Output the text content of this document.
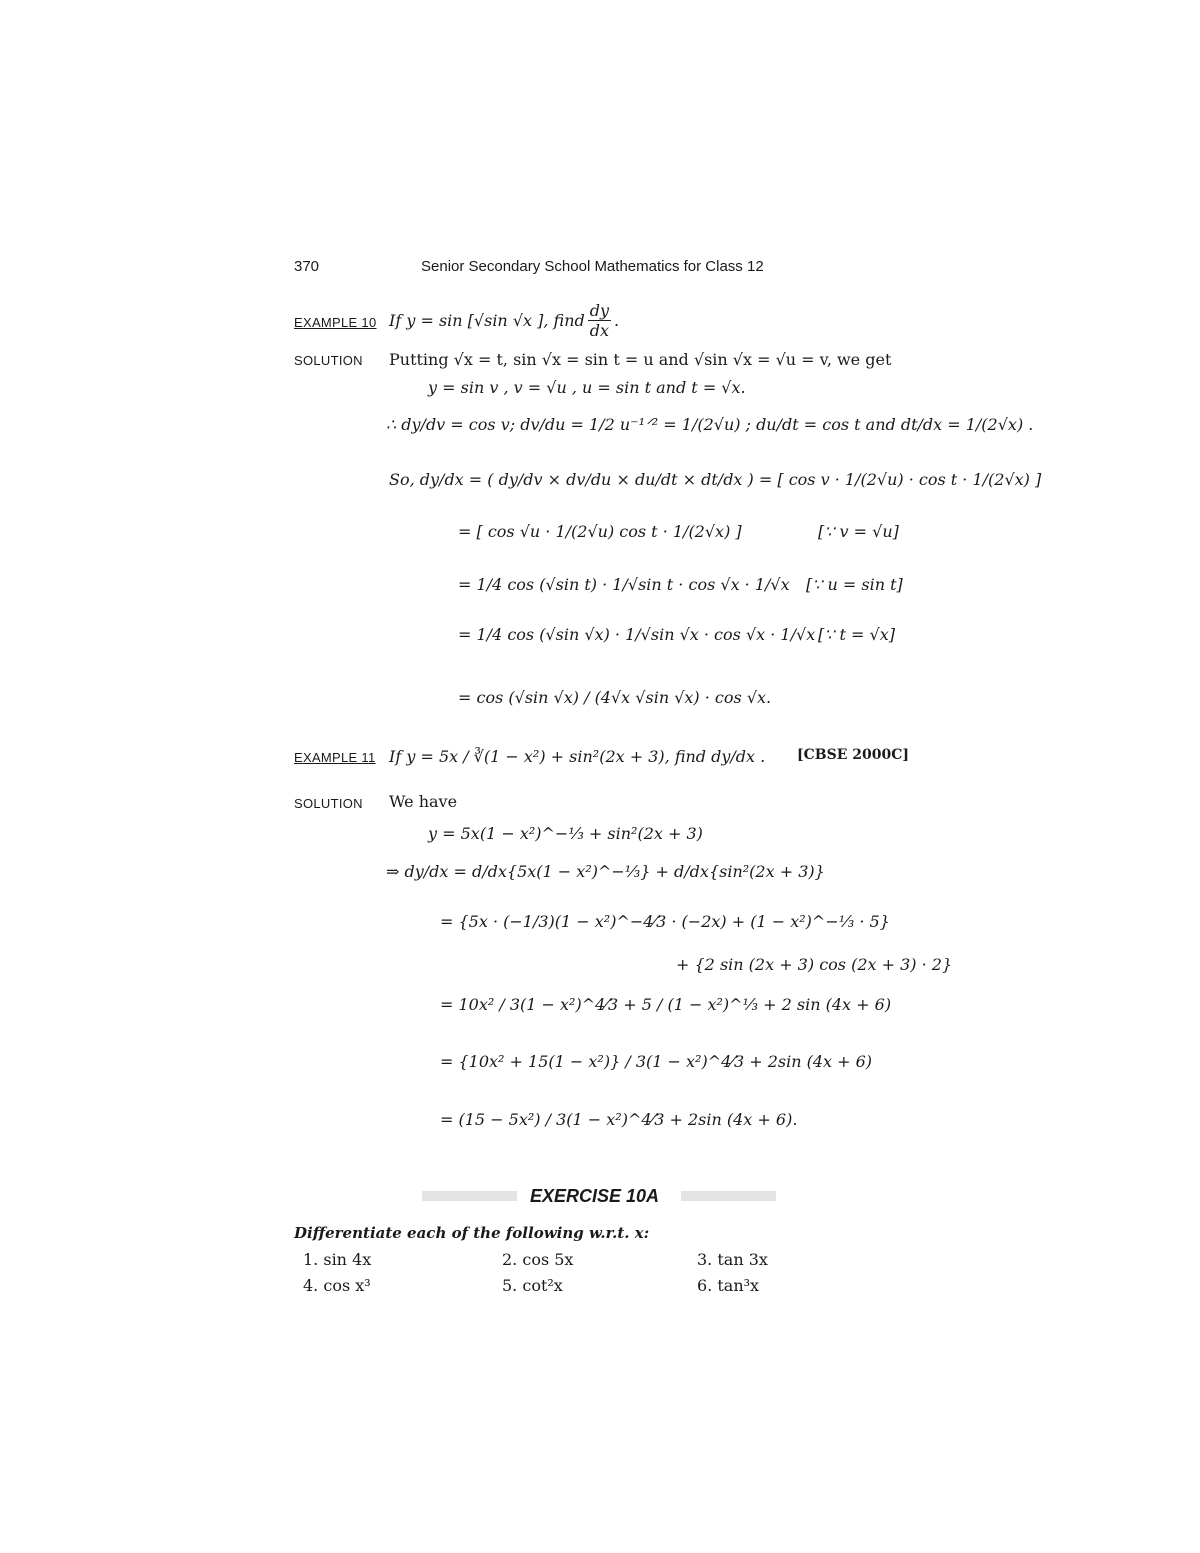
370	Senior Secondary School Mathematics for Class 12
EXAMPLE 10 If y = sin [√sin √x ], find $\frac{dy}{dx}$ .
SOLUTION Putting √x = t, sin √x = sin t = u and √sin √x = √u = v, we get
y = sin v , v = √u , u = sin t and t = √x.
∴ dy/dv = cos v; dv/du = 1/2 u⁻¹ᐟ² = 1/(2√u) ; du/dt = cos t and dt/dx = 1/(2√x) .
So, dy/dx = ( dy/dv × dv/du × du/dt × dt/dx ) = [ cos v · 1/(2√u) · cos t · 1/(2√x) ]
= [ cos √u · 1/(2√u) cos t · 1/(2√x) ]	[∵ v = √u]
= 1/4 cos (√sin t) · 1/√sin t · cos √x · 1/√x [∵ u = sin t]
= 1/4 cos (√sin √x) · 1/√sin √x · cos √x · 1/√x [∵ t = √x]
= cos (√sin √x) / (4√x √sin √x) · cos √x.
EXAMPLE 11 If y = 5x / ∛(1 − x²) + sin²(2x + 3), find dy/dx . [CBSE 2000C]
SOLUTION We have
y = 5x(1 − x²)^−⅓ + sin²(2x + 3)
⇒ dy/dx = d/dx{5x(1 − x²)^−⅓} + d/dx{sin²(2x + 3)}
= {5x · (−1/3)(1 − x²)^−4⁄3 · (−2x) + (1 − x²)^−⅓ · 5}
+ {2 sin (2x + 3) cos (2x + 3) · 2}
= 10x² / 3(1 − x²)^4⁄3 + 5 / (1 − x²)^⅓ + 2 sin (4x + 6)
= {10x² + 15(1 − x²)} / 3(1 − x²)^4⁄3 + 2sin (4x + 6)
= (15 − 5x²) / 3(1 − x²)^4⁄3 + 2sin (4x + 6).
EXERCISE 10A
Differentiate each of the following w.r.t. x:
1. sin 4x	2. cos 5x	3. tan 3x
4. cos x³	5. cot²x	6. tan³x
